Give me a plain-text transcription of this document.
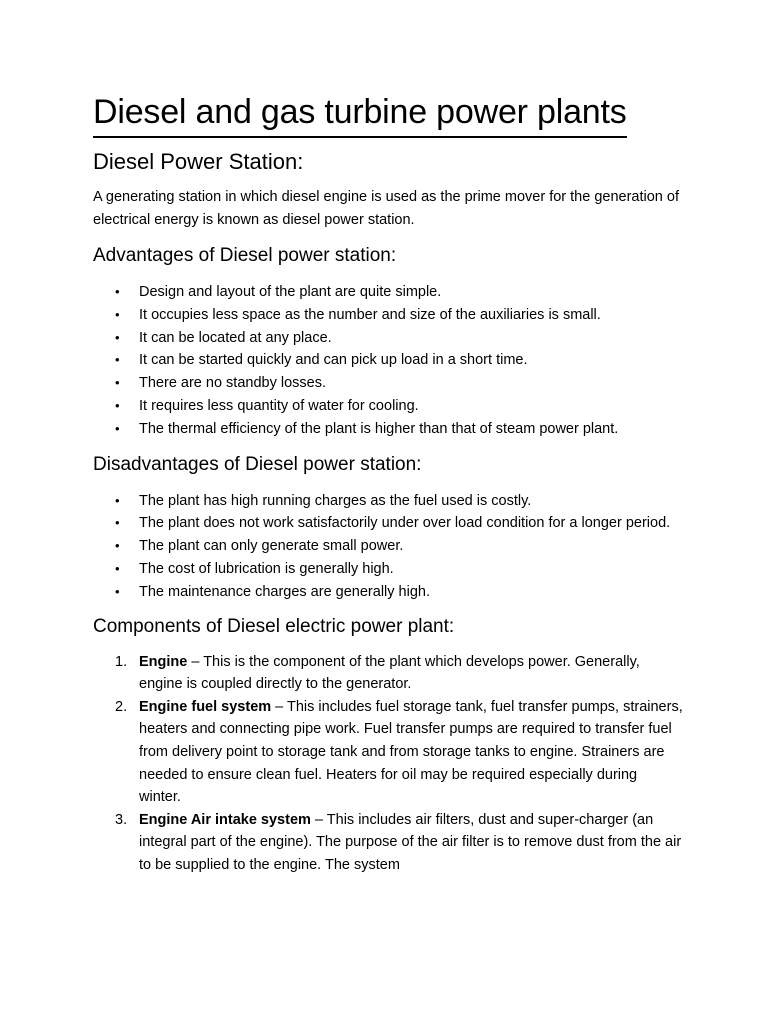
Diesel and gas turbine power plants
Diesel Power Station:

A generating station in which diesel engine is used as the prime mover for the generation of electrical energy is known as diesel power station.

Advantages of Diesel power station:
• Design and layout of the plant are quite simple.
• It occupies less space as the number and size of the auxiliaries is small.
• It can be located at any place.
• It can be started quickly and can pick up load in a short time.
• There are no standby losses.
• It requires less quantity of water for cooling.
• The thermal efficiency of the plant is higher than that of steam power plant.
Disadvantages of Diesel power station:
• The plant has high running charges as the fuel used is costly.
• The plant does not work satisfactorily under over load condition for a longer period.
• The plant can only generate small power.
• The cost of lubrication is generally high.
• The maintenance charges are generally high.
Components of Diesel electric power plant:
1. Engine – This is the component of the plant which develops power. Generally, engine is coupled directly to the generator.
2. Engine fuel system – This includes fuel storage tank, fuel transfer pumps, strainers, heaters and connecting pipe work. Fuel transfer pumps are required to transfer fuel from delivery point to storage tank and from storage tanks to engine. Strainers are needed to ensure clean fuel. Heaters for oil may be required especially during winter.
3. Engine Air intake system – This includes air filters, dust and super-charger (an integral part of the engine). The purpose of the air filter is to remove dust from the air to be supplied to the engine. The system
